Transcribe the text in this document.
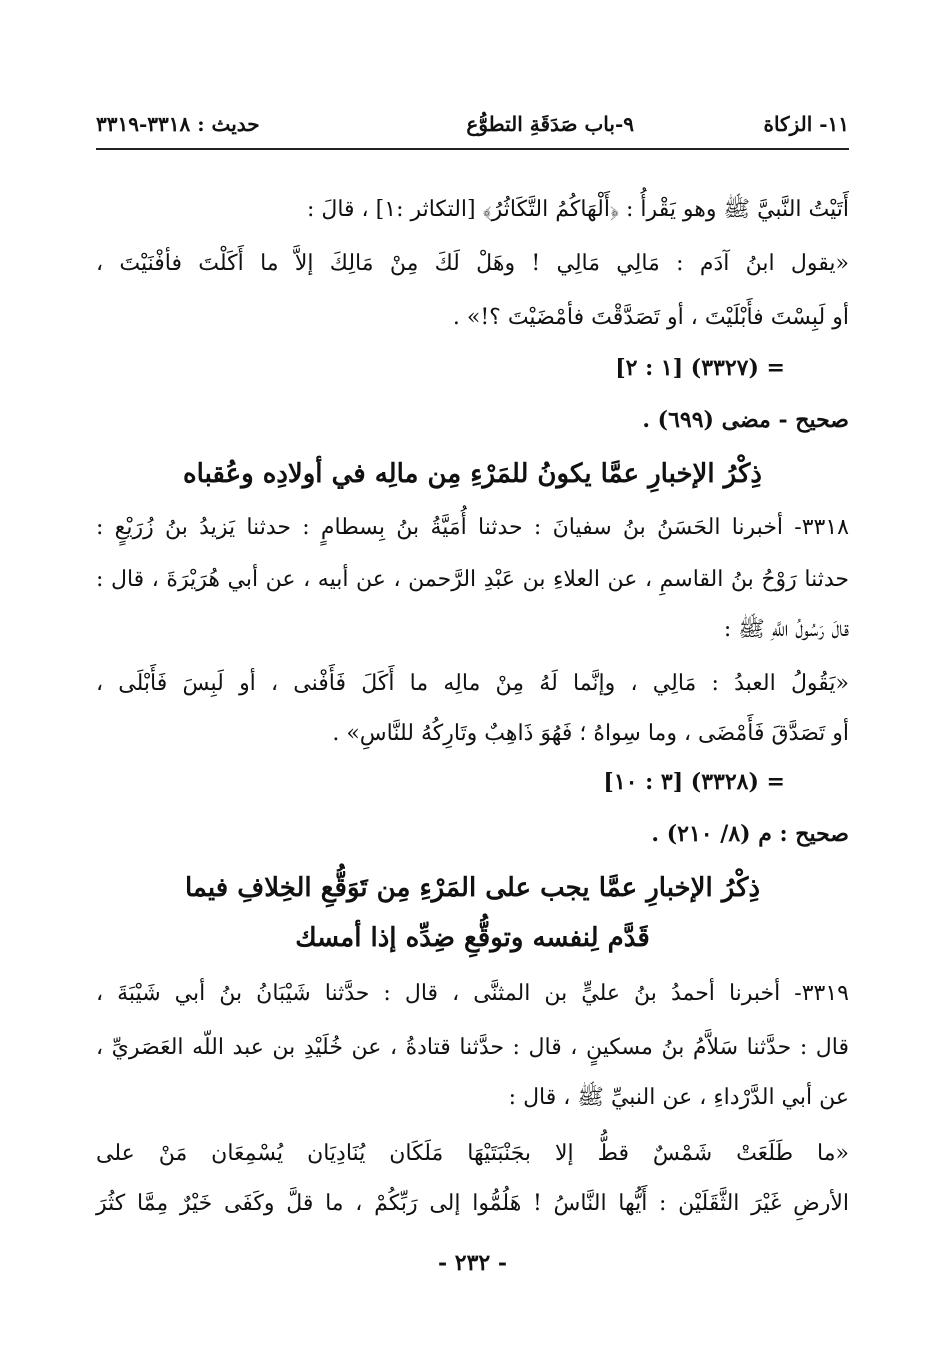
١١- الزكاة
٩-باب صَدَقَةِ التطوُّع
حديث : ٣٣١٨-٣٣١٩
أَتَيْتُ النَّبيَّ ﷺ وهو يَقْرأُ : ﴿أَلْهَاكُمُ التَّكَاثُرُ﴾ [التكاثر :١] ، قالَ :
«يقول ابنُ آدَم : مَالِي مَالِي ! وهَلْ لَكَ مِنْ مَالِكَ إلاَّ ما أَكَلْتَ فأفْنَيْتَ ،
أو لَبِسْتَ فأَبْلَيْتَ ، أو تَصَدَّقْتَ فأمْضَيْتَ ؟!» .
= (٣٣٢٧) [١ : ٢]
صحيح - مضى (٦٩٩) .
ذِكْرُ الإخبارِ عمَّا يكونُ للمَرْءِ مِن مالِه في أولادِه وعُقباه
٣٣١٨- أخبرنا الحَسَنُ بنُ سفيانَ : حدثنا أُمَيَّةُ بنُ بِسطامٍ : حدثنا يَزيدُ بنُ زُرَيْعٍ :
حدثنا رَوْحُ بنُ القاسمِ ، عن العلاءِ بن عَبْدِ الرَّحمن ، عن أبيه ، عن أبي هُرَيْرَةَ ، قال :
قالَ رَسُولُ اللَّهِ ﷺ :
«يَقُولُ العبدُ : مَالِي ، وإنَّما لَهُ مِنْ مالِه ما أَكَلَ فَأَفْنى ، أو لَبِسَ فَأَبْلَى ،
أو تَصَدَّقَ فَأَمْضَى ، وما سِواهُ ؛ فَهُوَ ذَاهِبٌ وتَارِكُهُ للنَّاسِ» .
= (٣٣٢٨) [٣ : ١٠]
صحيح : م (٨/ ٢١٠) .
ذِكْرُ الإخبارِ عمَّا يجب على المَرْءِ مِن تَوَقُّعِ الخِلافِ فيما
قَدَّم لِنفسه وتوقُّعِ ضِدِّه إذا أمسك
٣٣١٩- أخبرنا أحمدُ بنُ عليٍّ بن المثنَّى ، قال : حدَّثنا شَيْبَانُ بنُ أبي شَيْبَةَ ،
قال : حدَّثنا سَلاَّمُ بنُ مسكينٍ ، قال : حدَّثنا قتادةُ ، عن خُلَيْدِ بن عبد اللّه العَصَريِّ ،
عن أبي الدَّرْداءِ ، عن النبيِّ ﷺ ، قال :
«ما طَلَعَتْ شَمْسٌ قطُّ إلا بجَنْبَتَيْهَا مَلَكَان يُنَادِيَان يُسْمِعَان مَنْ على
الأرضِ غَيْرَ الثَّقَلَيْن : أَيُّها النَّاسُ ! هَلُمُّوا إلى رَبِّكُمْ ، ما قلَّ وكَفَى خَيْرٌ مِمَّا كثُرَ
- ٢٣٢ -
